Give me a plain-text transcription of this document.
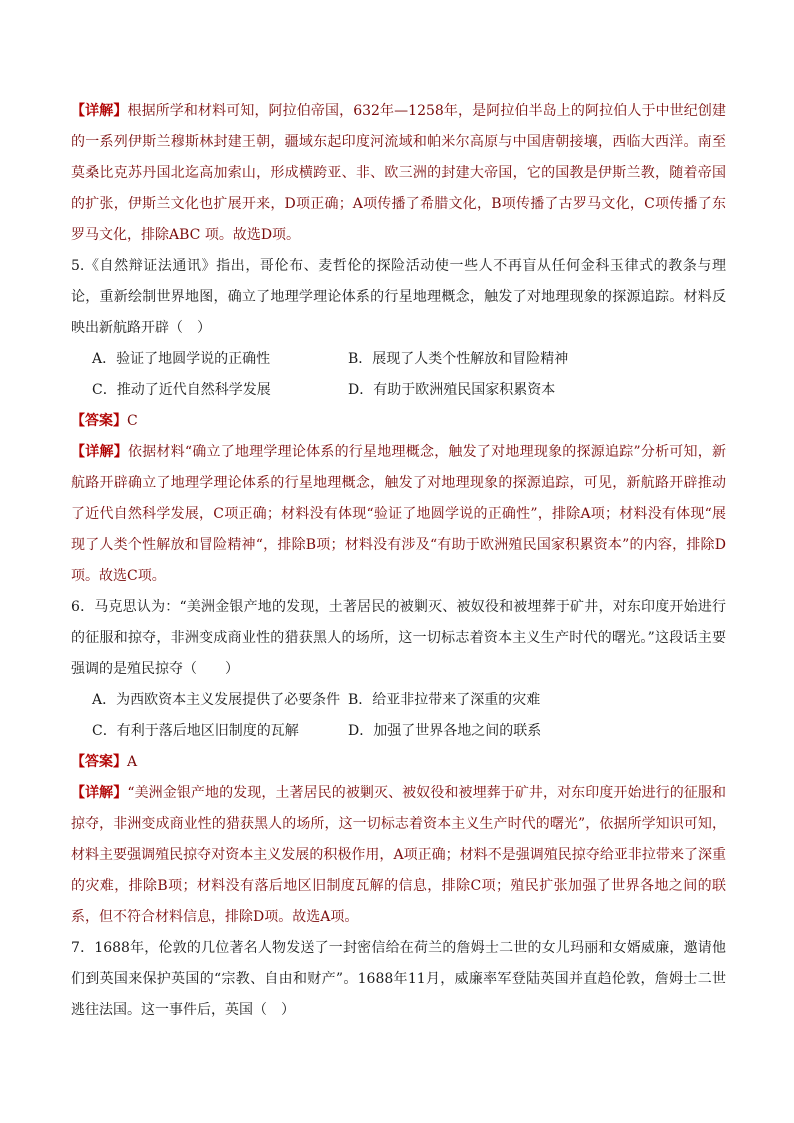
【详解】根据所学和材料可知，阿拉伯帝国，632年—1258年，是阿拉伯半岛上的阿拉伯人于中世纪创建的一系列伊斯兰穆斯林封建王朝，疆域东起印度河流域和帕米尔高原与中国唐朝接壤，西临大西洋。南至莫桑比克苏丹国北迄高加索山，形成横跨亚、非、欧三洲的封建大帝国，它的国教是伊斯兰教，随着帝国的扩张，伊斯兰文化也扩展开来，D项正确；A项传播了希腊文化，B项传播了古罗马文化，C项传播了东罗马文化，排除ABC 项。故选D项。

5.《自然辩证法通讯》指出，哥伦布、麦哲伦的探险活动使一些人不再盲从任何金科玉律式的教条与理论，重新绘制世界地图，确立了地理学理论体系的行星地理概念，触发了对地理现象的探源追踪。材料反映出新航路开辟（　）

A．验证了地圆学说的正确性	B．展现了人类个性解放和冒险精神
C．推动了近代自然科学发展	D．有助于欧洲殖民国家积累资本

【答案】C

【详解】依据材料“确立了地理学理论体系的行星地理概念，触发了对地理现象的探源追踪”分析可知，新航路开辟确立了地理学理论体系的行星地理概念，触发了对地理现象的探源追踪，可见，新航路开辟推动了近代自然科学发展，C项正确；材料没有体现“验证了地圆学说的正确性”，排除A项；材料没有体现“展现了人类个性解放和冒险精神“，排除B项；材料没有涉及“有助于欧洲殖民国家积累资本”的内容，排除D项。故选C项。

6．马克思认为：“美洲金银产地的发现，土著居民的被剿灭、被奴役和被埋葬于矿井，对东印度开始进行的征服和掠夺，非洲变成商业性的猎获黑人的场所，这一切标志着资本主义生产时代的曙光。”这段话主要强调的是殖民掠夺（　　）

A．为西欧资本主义发展提供了必要条件 B．给亚非拉带来了深重的灾难
C．有利于落后地区旧制度的瓦解	D．加强了世界各地之间的联系

【答案】A

【详解】“美洲金银产地的发现，土著居民的被剿灭、被奴役和被埋葬于矿井，对东印度开始进行的征服和掠夺，非洲变成商业性的猎获黑人的场所，这一切标志着资本主义生产时代的曙光”，依据所学知识可知，材料主要强调殖民掠夺对资本主义发展的积极作用，A项正确；材料不是强调殖民掠夺给亚非拉带来了深重的灾难，排除B项；材料没有落后地区旧制度瓦解的信息，排除C项；殖民扩张加强了世界各地之间的联系，但不符合材料信息，排除D项。故选A项。

7．1688年，伦敦的几位著名人物发送了一封密信给在荷兰的詹姆士二世的女儿玛丽和女婿威廉，邀请他们到英国来保护英国的“宗教、自由和财产”。1688年11月，威廉率军登陆英国并直趋伦敦，詹姆士二世逃往法国。这一事件后，英国（　）
